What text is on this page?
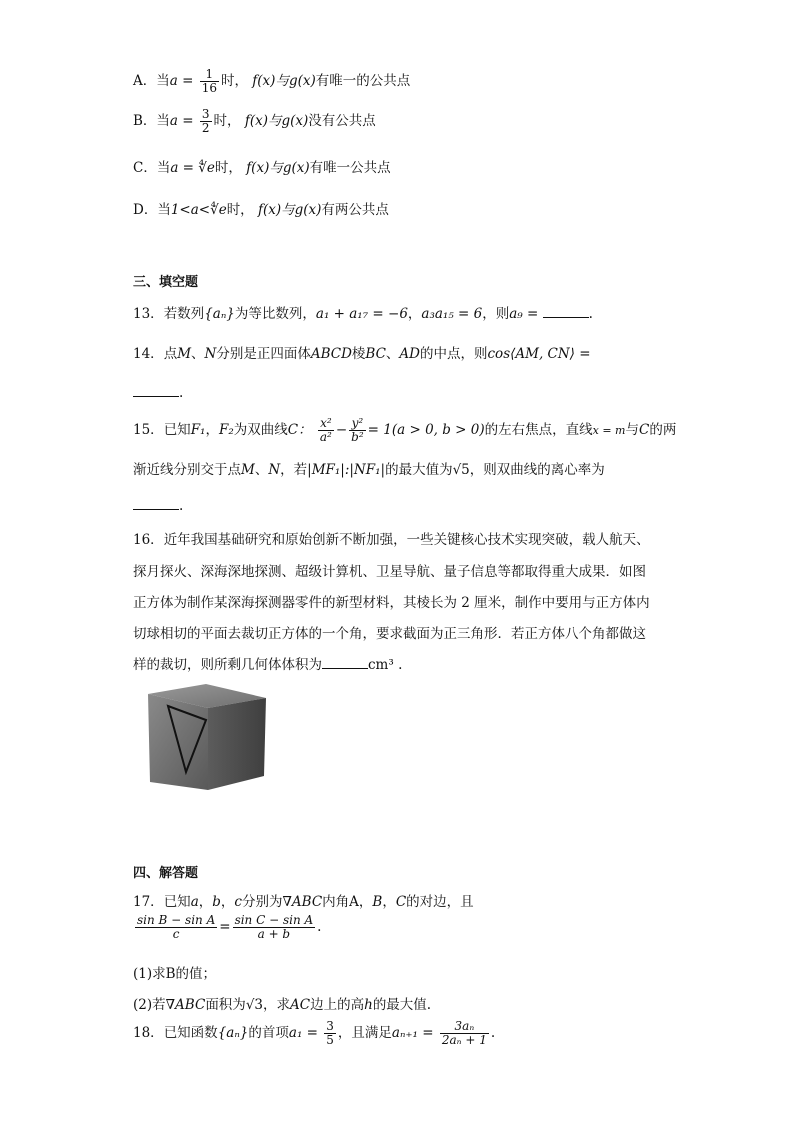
A．当$a = \frac{1}{16}$ 时， f(x)与g(x)有唯一的公共点
B．当$a = \frac{3}{2}$ 时， f(x)与g(x)没有公共点
C．当a = ∜e时， f(x)与g(x)有唯一公共点
D．当1<a<∜e时， f(x)与g(x)有两公共点
三、填空题
13．若数列{aₙ}为等比数列，a₁ + a₁₇ = −6，a₃a₁₅ = 6，则a₉ =	.
14．点M、N分别是正四面体ABCD棱BC、AD的中点，则cos⟨AM, CN⟩ =
.
15．已知F₁，F₂为双曲线C： $\frac{\text{x²}}{\text{a²}} - \frac{\text{y²}}{\text{b²}} = 1(a > 0$, b > 0)的左右焦点，直线x = m与C的两
渐近线分别交于点M、N，若|MF₁|:|NF₁|的最大值为√5，则双曲线的离心率为
.
16．近年我国基础研究和原始创新不断加强，一些关键核心技术实现突破，载人航天、
探月探火、深海深地探测、超级计算机、卫星导航、量子信息等都取得重大成果．如图
正方体为制作某深海探测器零件的新型材料，其棱长为 2 厘米，制作中要用与正方体内
切球相切的平面去裁切正方体的一个角，要求截面为正三角形．若正方体八个角都做这
样的裁切，则所剩几何体体积为	cm³ .
四、解答题
17．已知a，b，c分别为∇ABC内角A，B，C的对边，且
$\frac{\text{sin B − sin A}}{c} = \frac{\text{sin C − sin A}}{a + b}$ .
(1)求B的值；
(2)若∇ABC面积为√3，求AC边上的高h的最大值.
18．已知函数{aₙ}的首项$a_1 = \frac{3}{5}$ ，且满足$a_{n+1} = \frac{\text{3aₙ}}{\text{2aₙ + 1}}$ .
